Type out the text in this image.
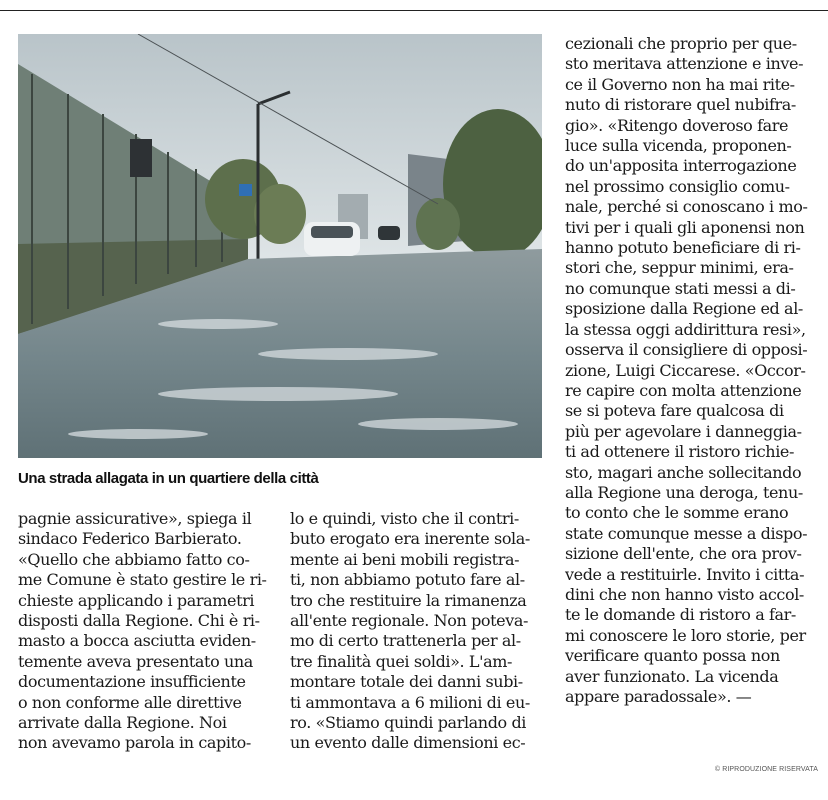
Una strada allagata in un quartiere della città
pagnie assicurative», spiega il
sindaco Federico Barbierato.
«Quello che abbiamo fatto co-
me Comune è stato gestire le ri-
chieste applicando i parametri
disposti dalla Regione. Chi è ri-
masto a bocca asciutta eviden-
temente aveva presentato una
documentazione insufficiente
o non conforme alle direttive
arrivate dalla Regione. Noi
non avevamo parola in capito-
lo e quindi, visto che il contri-
buto erogato era inerente sola-
mente ai beni mobili registra-
ti, non abbiamo potuto fare al-
tro che restituire la rimanenza
all'ente regionale. Non poteva-
mo di certo trattenerla per al-
tre finalità quei soldi». L'am-
montare totale dei danni subi-
ti ammontava a 6 milioni di eu-
ro. «Stiamo quindi parlando di
un evento dalle dimensioni ec-
cezionali che proprio per que-
sto meritava attenzione e inve-
ce il Governo non ha mai rite-
nuto di ristorare quel nubifra-
gio». «Ritengo doveroso fare
luce sulla vicenda, proponen-
do un'apposita interrogazione
nel prossimo consiglio comu-
nale, perché si conoscano i mo-
tivi per i quali gli aponensi non
hanno potuto beneficiare di ri-
stori che, seppur minimi, era-
no comunque stati messi a di-
sposizione dalla Regione ed al-
la stessa oggi addirittura resi»,
osserva il consigliere di opposi-
zione, Luigi Ciccarese. «Occor-
re capire con molta attenzione
se si poteva fare qualcosa di
più per agevolare i danneggia-
ti ad ottenere il ristoro richie-
sto, magari anche sollecitando
alla Regione una deroga, tenu-
to conto che le somme erano
state comunque messe a dispo-
sizione dell'ente, che ora prov-
vede a restituirle. Invito i citta-
dini che non hanno visto accol-
te le domande di ristoro a far-
mi conoscere le loro storie, per
verificare quanto possa non
aver funzionato. La vicenda
appare paradossale». —
© RIPRODUZIONE RISERVATA
